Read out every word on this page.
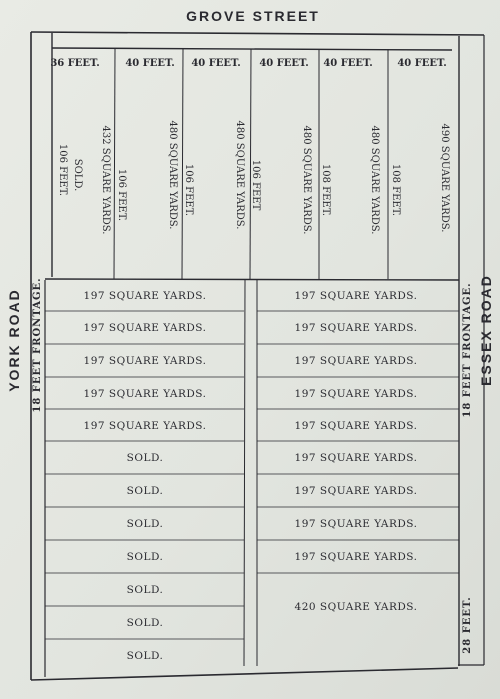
GROVE STREET
YORK ROAD	ESSEX ROAD
18 FEET FRONTAGE.	18 FEET FRONTAGE.
28 FEET.
36 FEET.
106 FEET. SOLD.
40 FEET.
432 SQUARE YARDS. 106 FEET.
40 FEET.
480 SQUARE YARDS. 106 FEET.
40 FEET.
480 SQUARE YARDS. 106 FEET
40 FEET.
480 SQUARE YARDS. 108 FEET.
40 FEET.
480 SQUARE YARDS. 108 FEET.	490 SQUARE YARDS.
197 SQUARE YARDS.
197 SQUARE YARDS.
197 SQUARE YARDS.
197 SQUARE YARDS.
197 SQUARE YARDS.
SOLD.
SOLD.
SOLD.
SOLD.
SOLD.
SOLD.
SOLD.
197 SQUARE YARDS.
197 SQUARE YARDS.
197 SQUARE YARDS.
197 SQUARE YARDS.
197 SQUARE YARDS.
197 SQUARE YARDS.
197 SQUARE YARDS.
197 SQUARE YARDS.
197 SQUARE YARDS.
420 SQUARE YARDS.
